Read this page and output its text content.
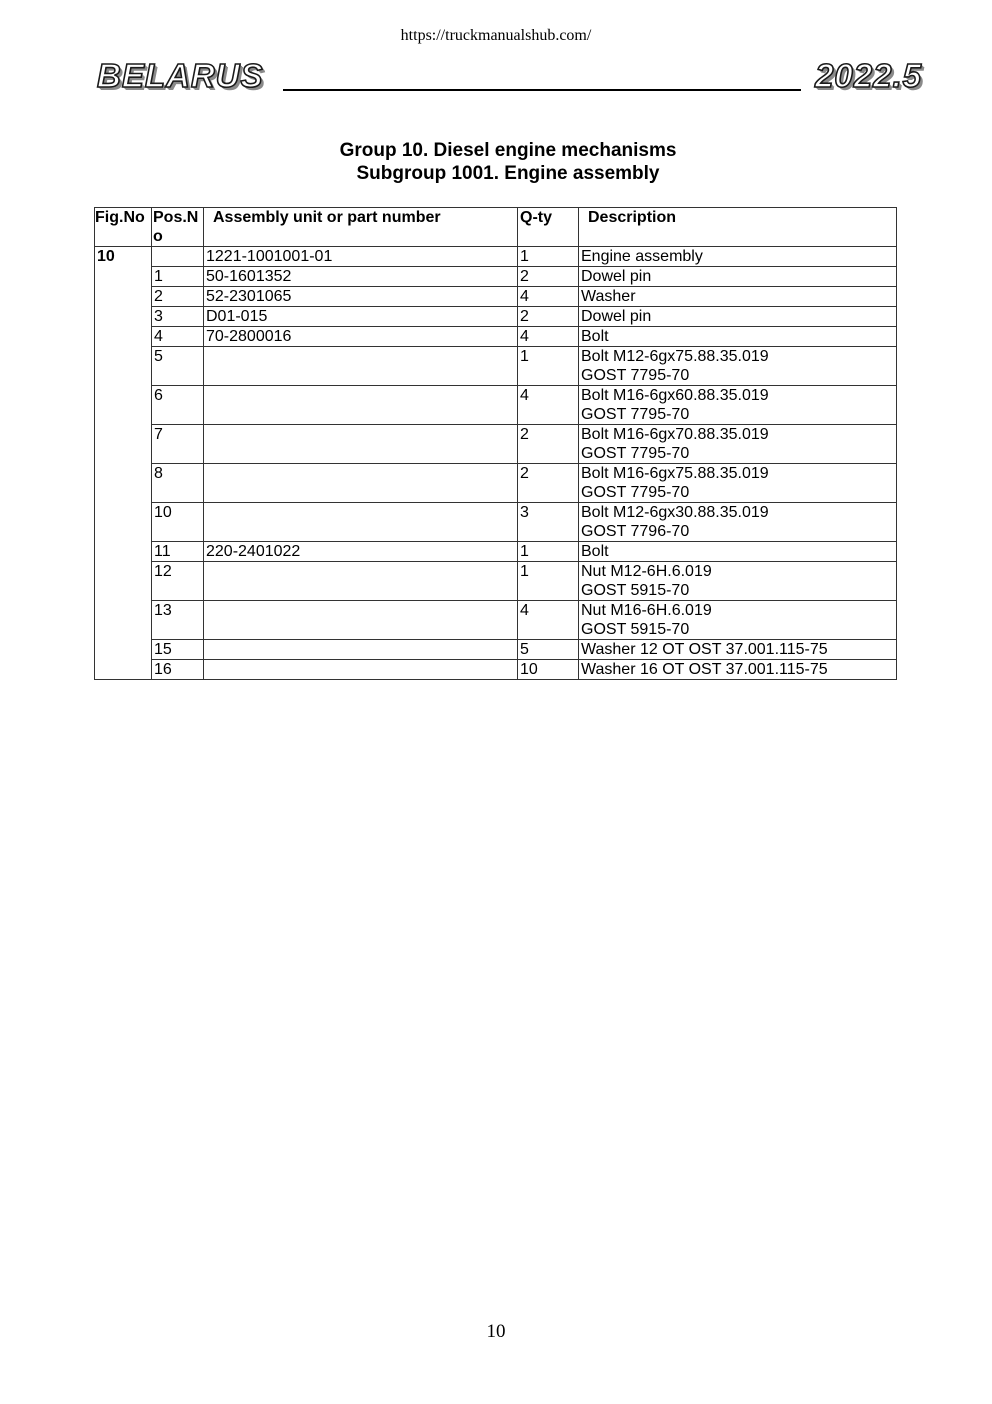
https://truckmanualshub.com/
BELARUS	2022.5
Group 10. Diesel engine mechanisms
Subgroup 1001. Engine assembly
Fig.No	Pos.No	Assembly unit or part number	Q-ty	Description
10		1221-1001001-01	1	Engine assembly

	1	50-1601352	2	Dowel pin

	2	52-2301065	4	Washer

	3	D01-015	2	Dowel pin

	4	70-2800016	4	Bolt

	5		1	Bolt M12-6gx75.88.35.019
GOST 7795-70

	6		4	Bolt M16-6gx60.88.35.019
GOST 7795-70

	7		2	Bolt M16-6gx70.88.35.019
GOST 7795-70

	8		2	Bolt M16-6gx75.88.35.019
GOST 7795-70

	10		3	Bolt M12-6gx30.88.35.019
GOST 7796-70

	11	220-2401022	1	Bolt

	12		1	Nut M12-6H.6.019
GOST 5915-70

	13		4	Nut M16-6H.6.019
GOST 5915-70

	15		5	Washer 12 OT OST 37.001.115-75

	16		10	Washer 16 OT OST 37.001.115-75
10
